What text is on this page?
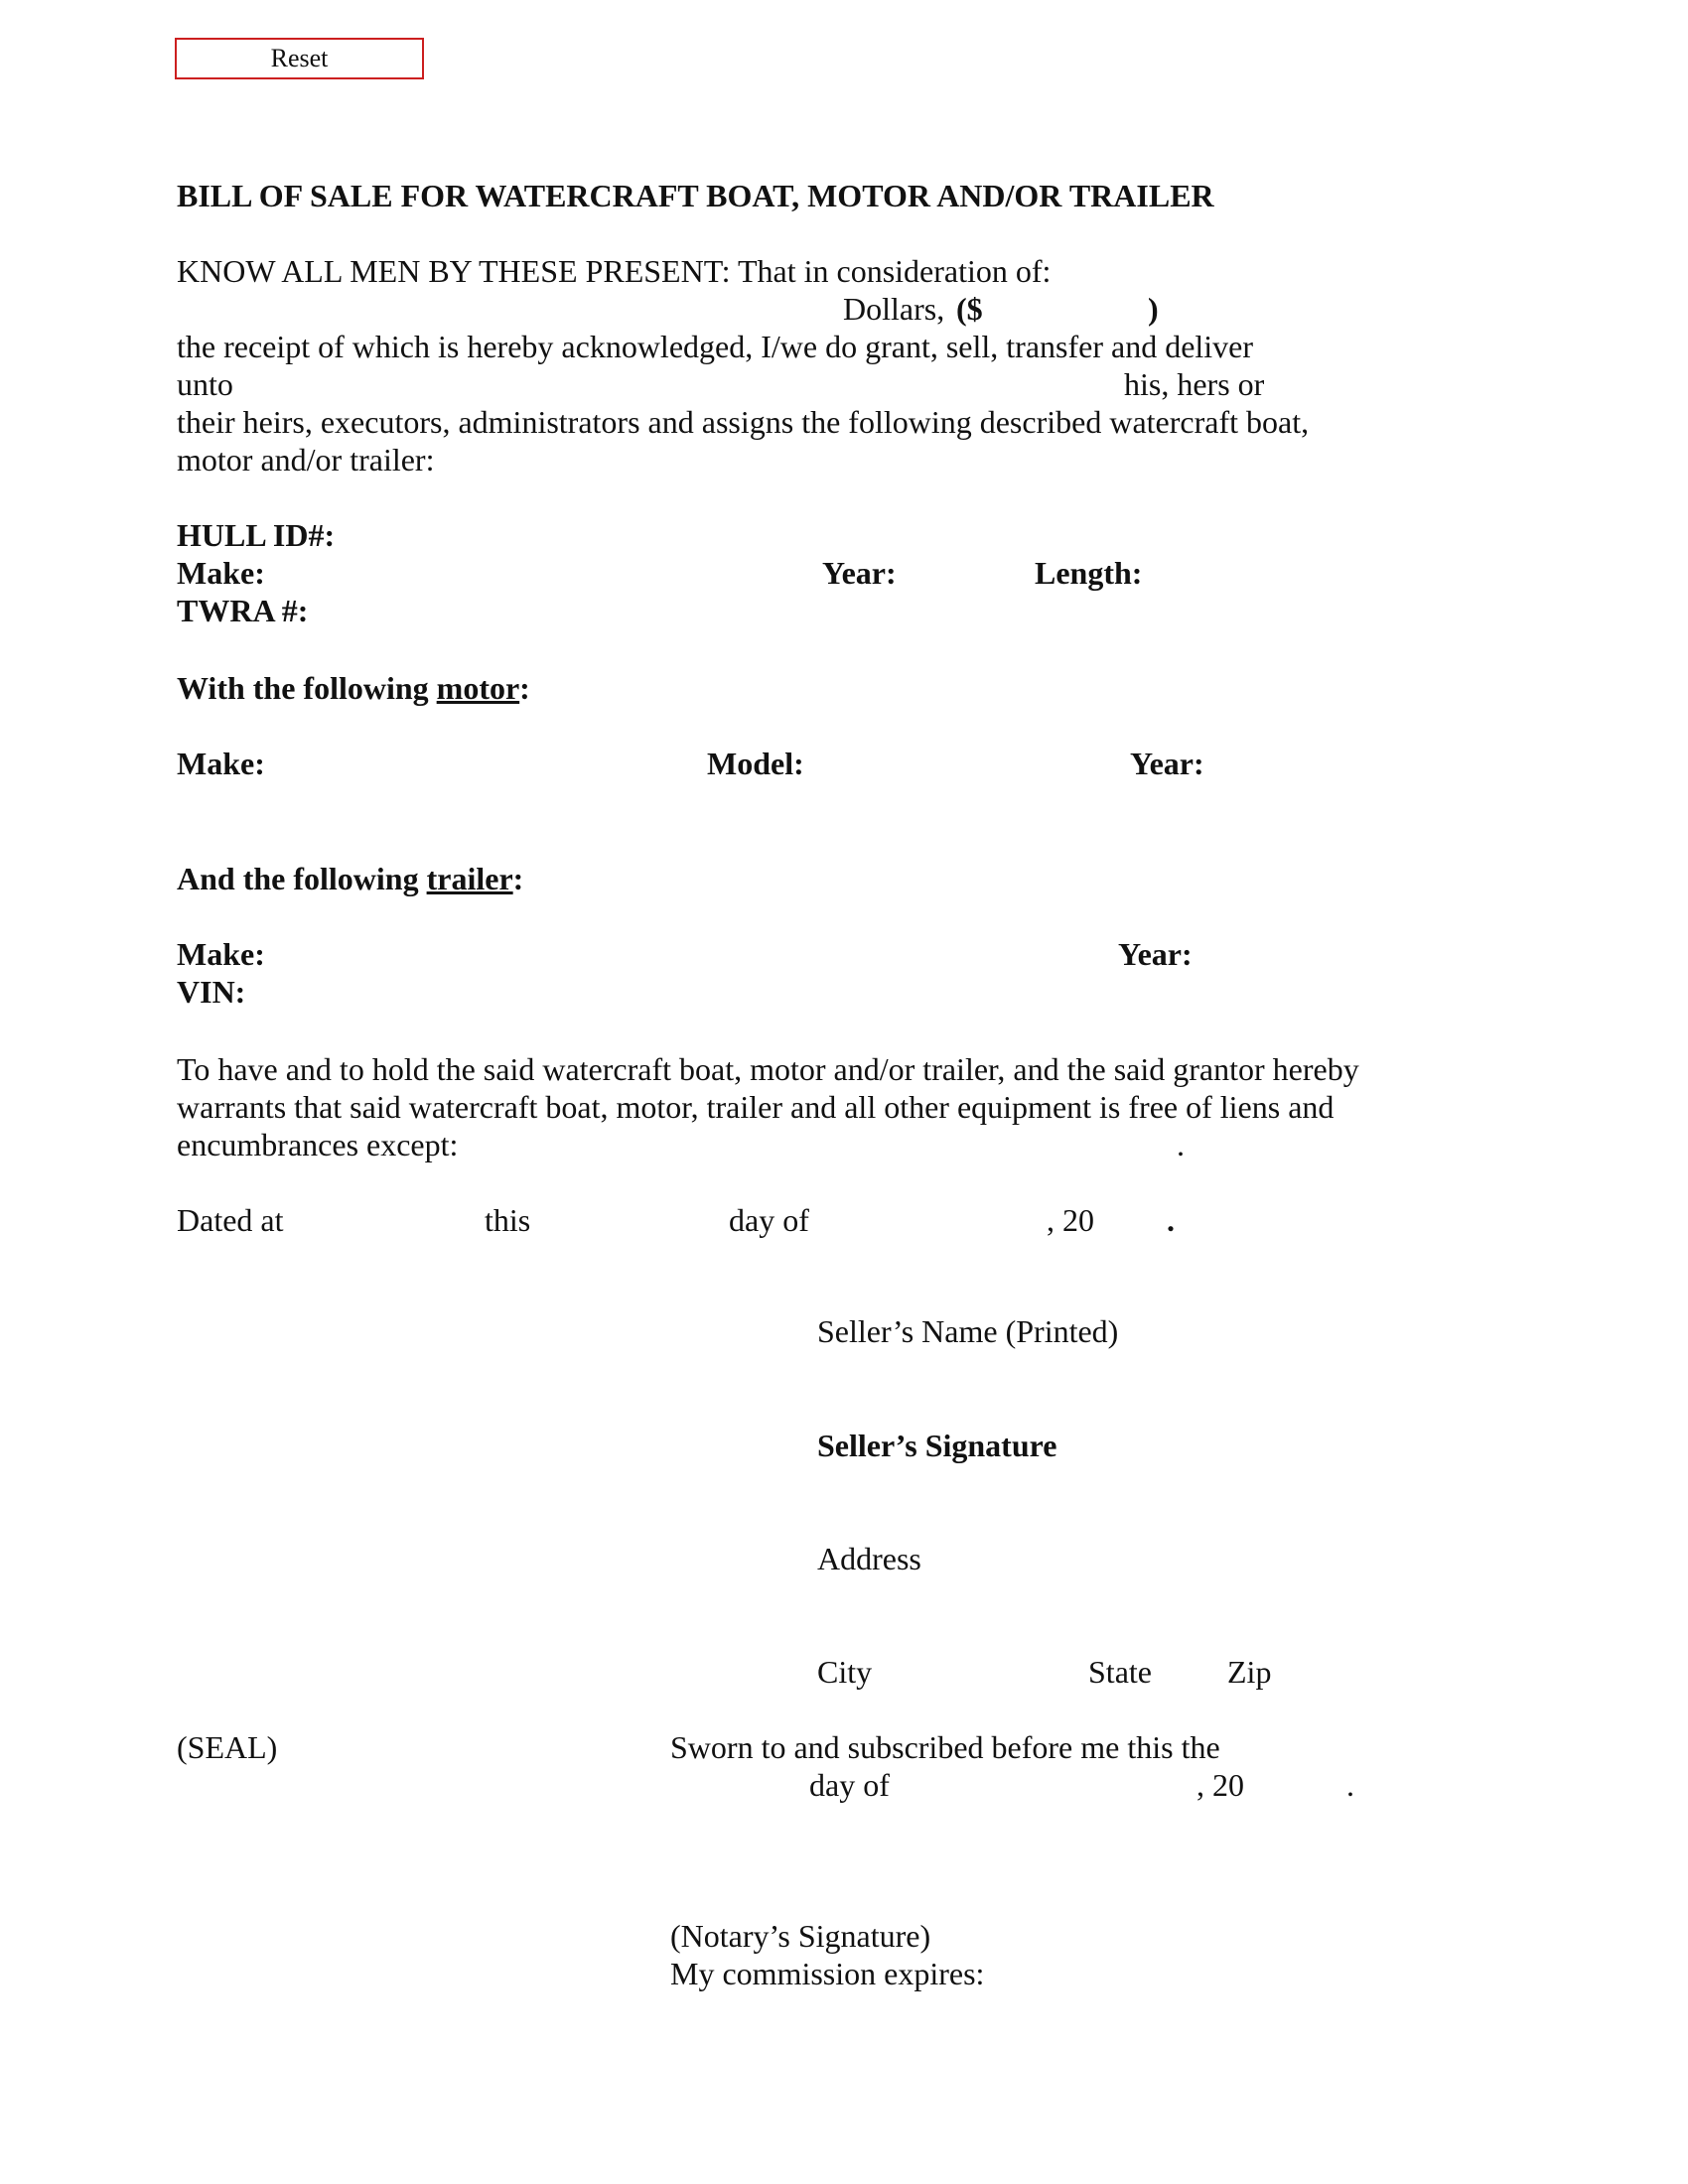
Reset
BILL OF SALE FOR WATERCRAFT BOAT, MOTOR AND/OR TRAILER
KNOW ALL MEN BY THESE PRESENT: That in consideration of:
Dollars, ($	)
the receipt of which is hereby acknowledged, I/we do grant, sell, transfer and deliver
unto	his, hers or
their heirs, executors, administrators and assigns the following described watercraft boat,
motor and/or trailer:
HULL ID#:
Make:	Year:	Length:
TWRA #:
With the following motor:
Make:	Model:	Year:
And the following trailer:
Make:	Year:
VIN:
To have and to hold the said watercraft boat, motor and/or trailer, and the said grantor hereby
warrants that said watercraft boat, motor, trailer and all other equipment is free of liens and
encumbrances except:	.
Dated at	this	day of	, 20 .
Seller’s Name (Printed)
Seller’s Signature
Address
City	State Zip
(SEAL)	Sworn to and subscribed before me this the
day of	, 20	.
(Notary’s Signature)
My commission expires:
